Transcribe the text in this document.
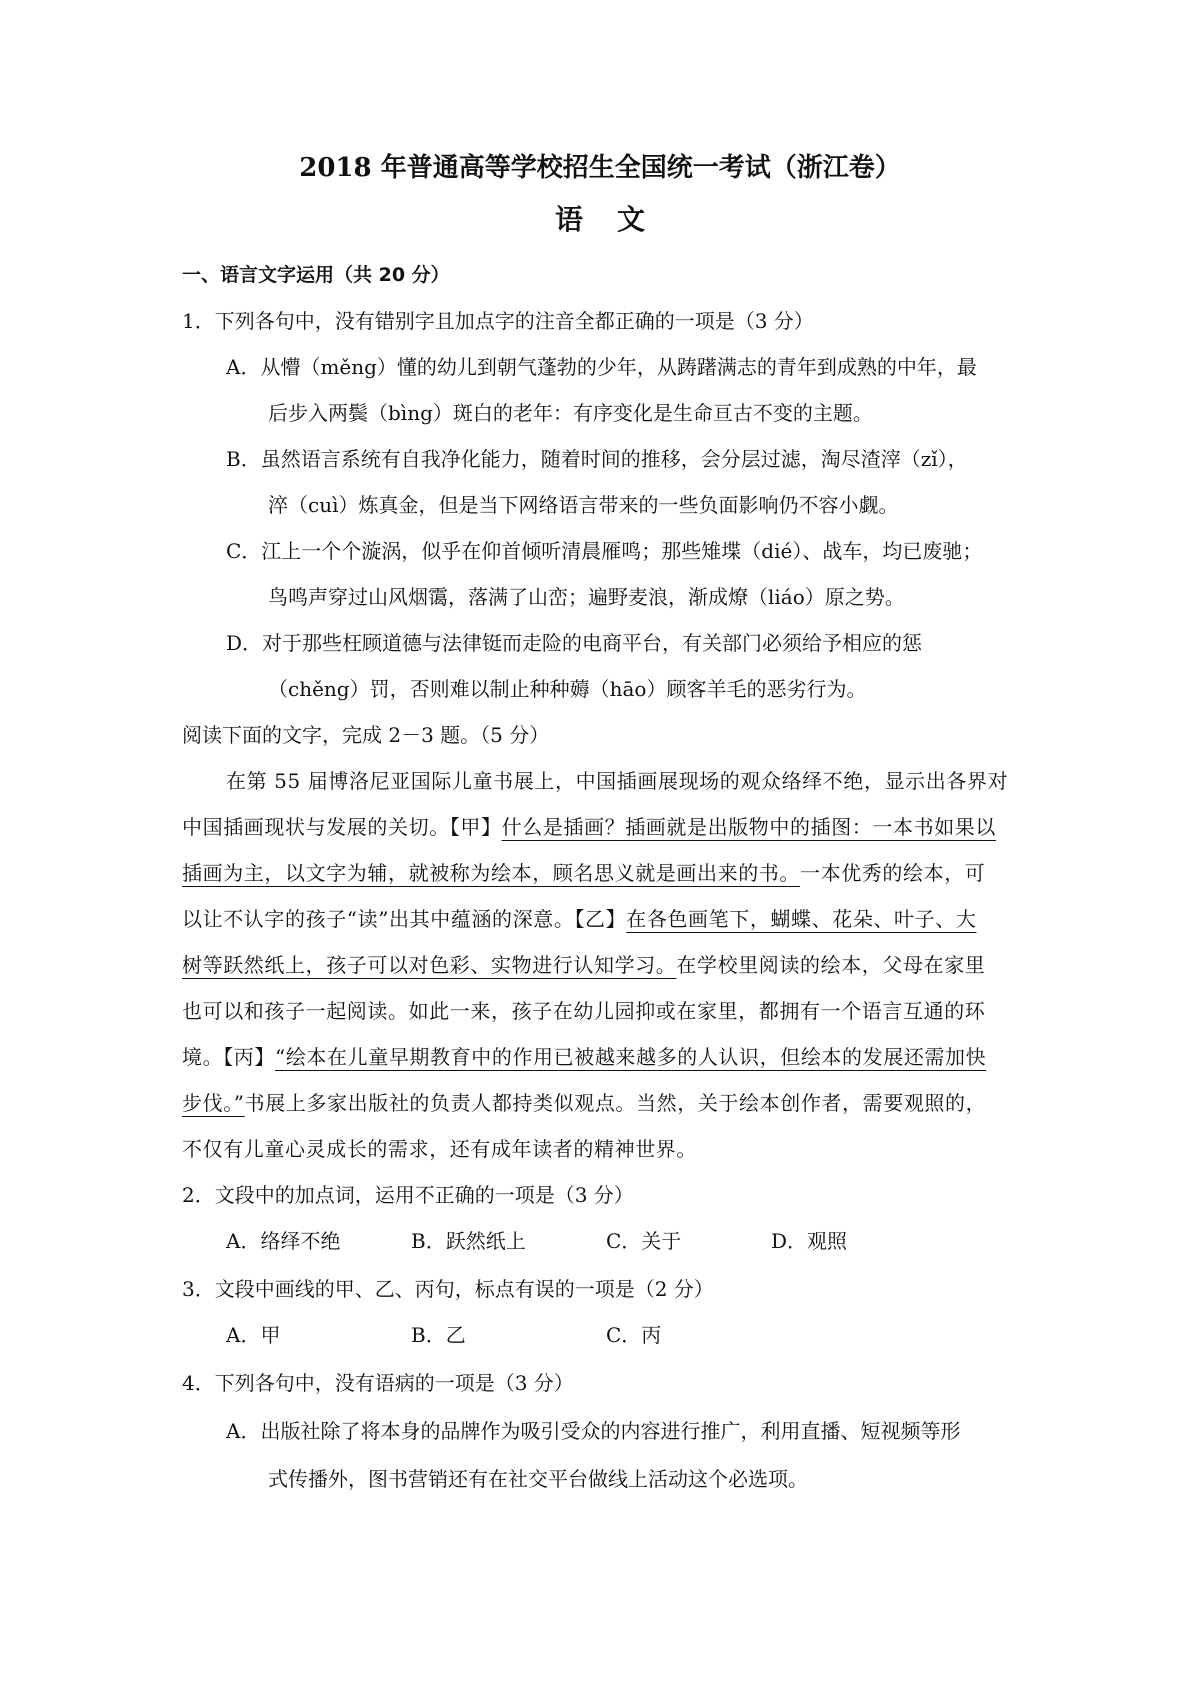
2018 年普通高等学校招生全国统一考试（浙江卷）
语文
一、语言文字运用（共 20 分）
1．下列各句中，没有错别字且加点字的注音全都正确的一项是（3 分）
A．从懵（měng）懂的幼儿到朝气蓬勃的少年，从踌躇满志的青年到成熟的中年，最
后步入两鬓（bìng）斑白的老年：有序变化是生命亘古不变的主题。
B．虽然语言系统有自我净化能力，随着时间的推移，会分层过滤，淘尽渣滓（zǐ），
淬（cuì）炼真金，但是当下网络语言带来的一些负面影响仍不容小觑。
C．江上一个个漩涡，似乎在仰首倾听清晨雁鸣；那些雉堞（dié）、战车，均已废驰；
鸟鸣声穿过山风烟霭，落满了山峦；遍野麦浪，渐成燎（liáo）原之势。
D．对于那些枉顾道德与法律铤而走险的电商平台，有关部门必须给予相应的惩
（chěng）罚，否则难以制止种种薅（hāo）顾客羊毛的恶劣行为。
阅读下面的文字，完成 2－3 题。（5 分）
在第 55 届博洛尼亚国际儿童书展上，中国插画展现场的观众络绎不绝，显示出各界对
中国插画现状与发展的关切。【甲】什么是插画？插画就是出版物中的插图：一本书如果以
插画为主，以文字为辅，就被称为绘本，顾名思义就是画出来的书。一本优秀的绘本，可
以让不认字的孩子“读”出其中蕴涵的深意。【乙】在各色画笔下，蝴蝶、花朵、叶子、大
树等跃然纸上，孩子可以对色彩、实物进行认知学习。在学校里阅读的绘本，父母在家里
也可以和孩子一起阅读。如此一来，孩子在幼儿园抑或在家里，都拥有一个语言互通的环
境。【丙】“绘本在儿童早期教育中的作用已被越来越多的人认识，但绘本的发展还需加快
步伐。”书展上多家出版社的负责人都持类似观点。当然，关于绘本创作者，需要观照的，
不仅有儿童心灵成长的需求，还有成年读者的精神世界。
2．文段中的加点词，运用不正确的一项是（3 分）
A．络绎不绝	B．跃然纸上	C．关于	D．观照
3．文段中画线的甲、乙、丙句，标点有误的一项是（2 分）
A．甲	B．乙	C．丙
4．下列各句中，没有语病的一项是（3 分）
A．出版社除了将本身的品牌作为吸引受众的内容进行推广，利用直播、短视频等形
式传播外，图书营销还有在社交平台做线上活动这个必选项。
